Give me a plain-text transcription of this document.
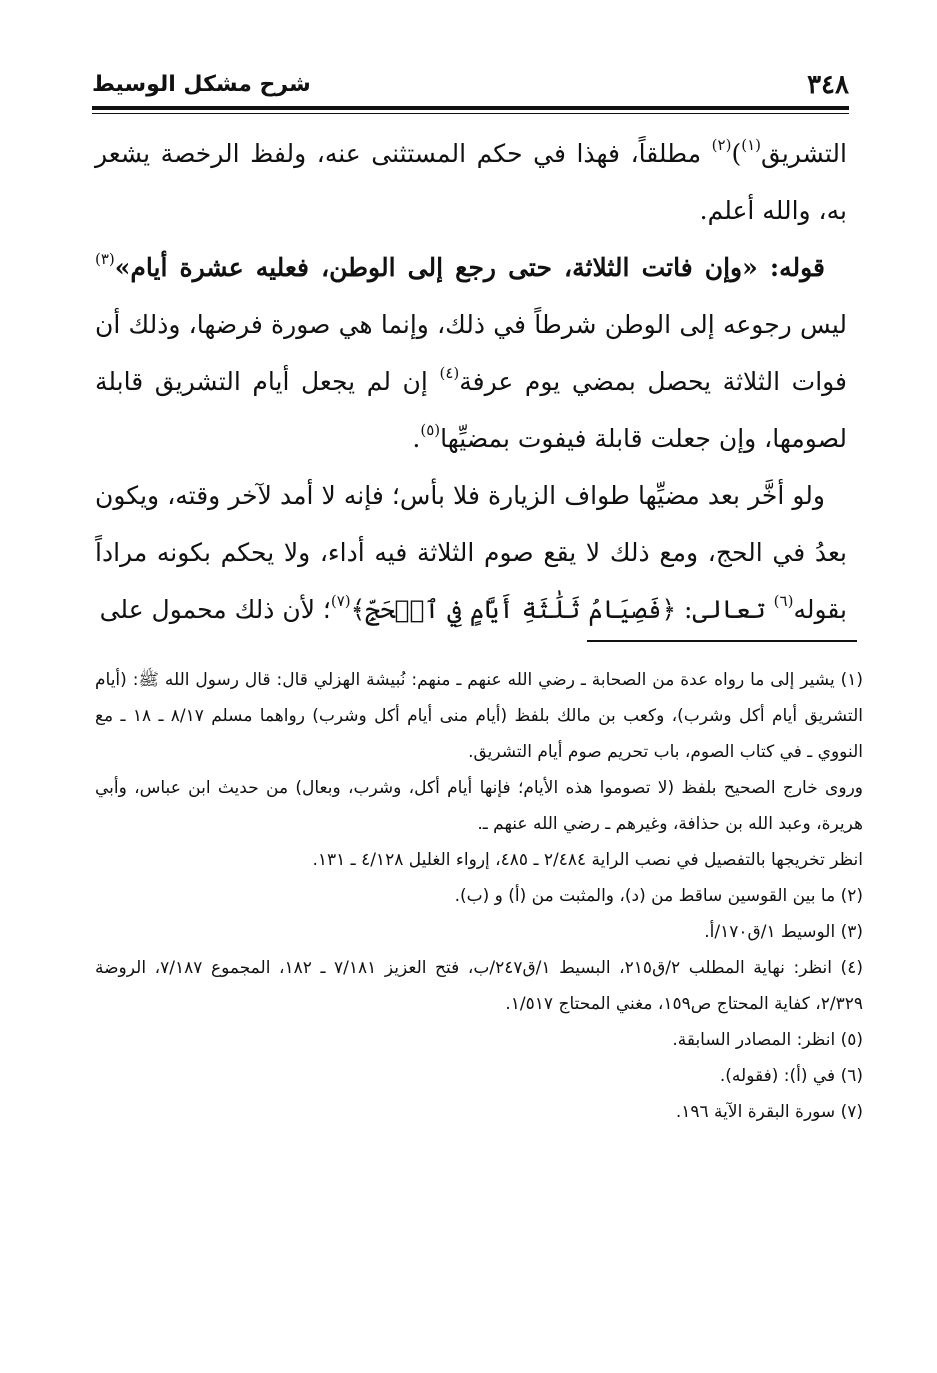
٣٤٨
شرح مشكل الوسيط

التشريق$^{(١)}$)$^{(٢)}$ مطلقاً، فهذا في حكم المستثنى عنه، ولفظ الرخصة يشعر به، والله أعلم.

قوله: «وإن فاتت الثلاثة، حتى رجع إلى الوطن، فعليه عشرة أيام»$^{(٣)}$ ليس رجوعه إلى الوطن شرطاً في ذلك، وإنما هي صورة فرضها، وذلك أن فوات الثلاثة يحصل بمضي يوم عرفة$^{(٤)}$ إن لم يجعل أيام التشريق قابلة لصومها، وإن جعلت قابلة فيفوت بمضيِّها$^{(٥)}$.

ولو أخَّر بعد مضيِّها طواف الزيارة فلا بأس؛ فإنه لا أمد لآخر وقته، ويكون بعدُ في الحج، ومع ذلك لا يقع صوم الثلاثة فيه أداء، ولا يحكم بكونه مراداً بقوله$^{(٦)}$ تعالى: ﴿فَصِيَامُ ثَلَٰثَةِ أَيَّامٍ فِي ٱلۡحَجِّ﴾$^{(٧)}$؛ لأن ذلك محمول على

(١) يشير إلى ما رواه عدة من الصحابة ـ رضي الله عنهم ـ منهم: نُبيشة الهزلي قال: قال رسول الله ﷺ: (أيام التشريق أيام أكل وشرب)، وكعب بن مالك بلفظ (أيام منى أيام أكل وشرب) رواهما مسلم ٨/١٧ ـ ١٨ ـ مع النووي ـ في كتاب الصوم، باب تحريم صوم أيام التشريق.

وروى خارج الصحيح بلفظ (لا تصوموا هذه الأيام؛ فإنها أيام أكل، وشرب، وبعال) من حديث ابن عباس، وأبي هريرة، وعبد الله بن حذافة، وغيرهم ـ رضي الله عنهم ـ.

انظر تخريجها بالتفصيل في نصب الراية ٢/٤٨٤ ـ ٤٨٥، إرواء الغليل ٤/١٢٨ ـ ١٣١.

(٢) ما بين القوسين ساقط من (د)، والمثبت من (أ) و (ب).

(٣) الوسيط ١/ق١٧٠/أ.

(٤) انظر: نهاية المطلب ٢/ق٢١٥، البسيط ١/ق٢٤٧/ب، فتح العزيز ٧/١٨١ ـ ١٨٢، المجموع ٧/١٨٧، الروضة ٢/٣٢٩، كفاية المحتاج ص١٥٩، مغني المحتاج ١/٥١٧.

(٥) انظر: المصادر السابقة.

(٦) في (أ): (فقوله).

(٧) سورة البقرة الآية ١٩٦.
